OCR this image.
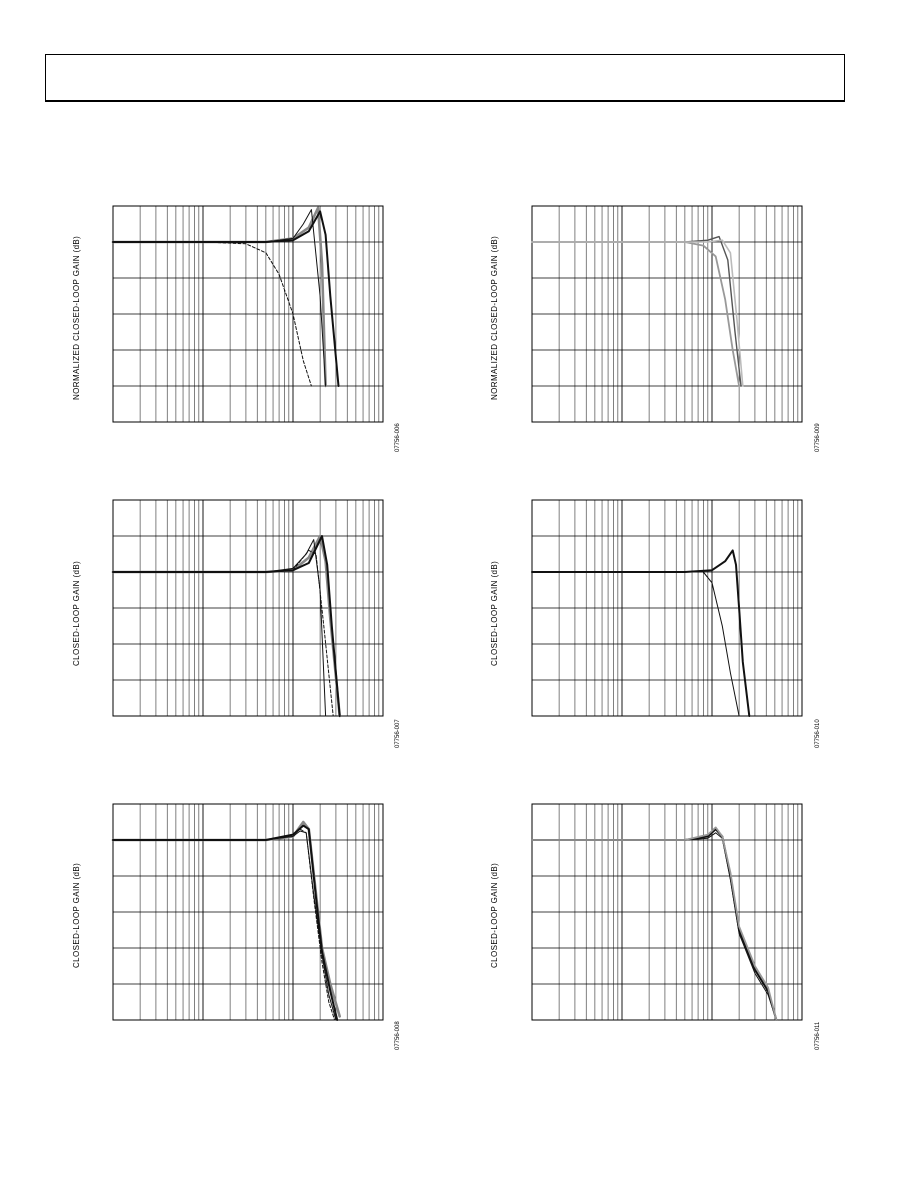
NORMALIZED CLOSED-LOOP GAIN (dB)
07756-006
NORMALIZED CLOSED-LOOP GAIN (dB)
07756-009
CLOSED-LOOP GAIN (dB)
07756-007
CLOSED-LOOP GAIN (dB)
07756-010
CLOSED-LOOP GAIN (dB)
07756-008
CLOSED-LOOP GAIN (dB)
07756-011
